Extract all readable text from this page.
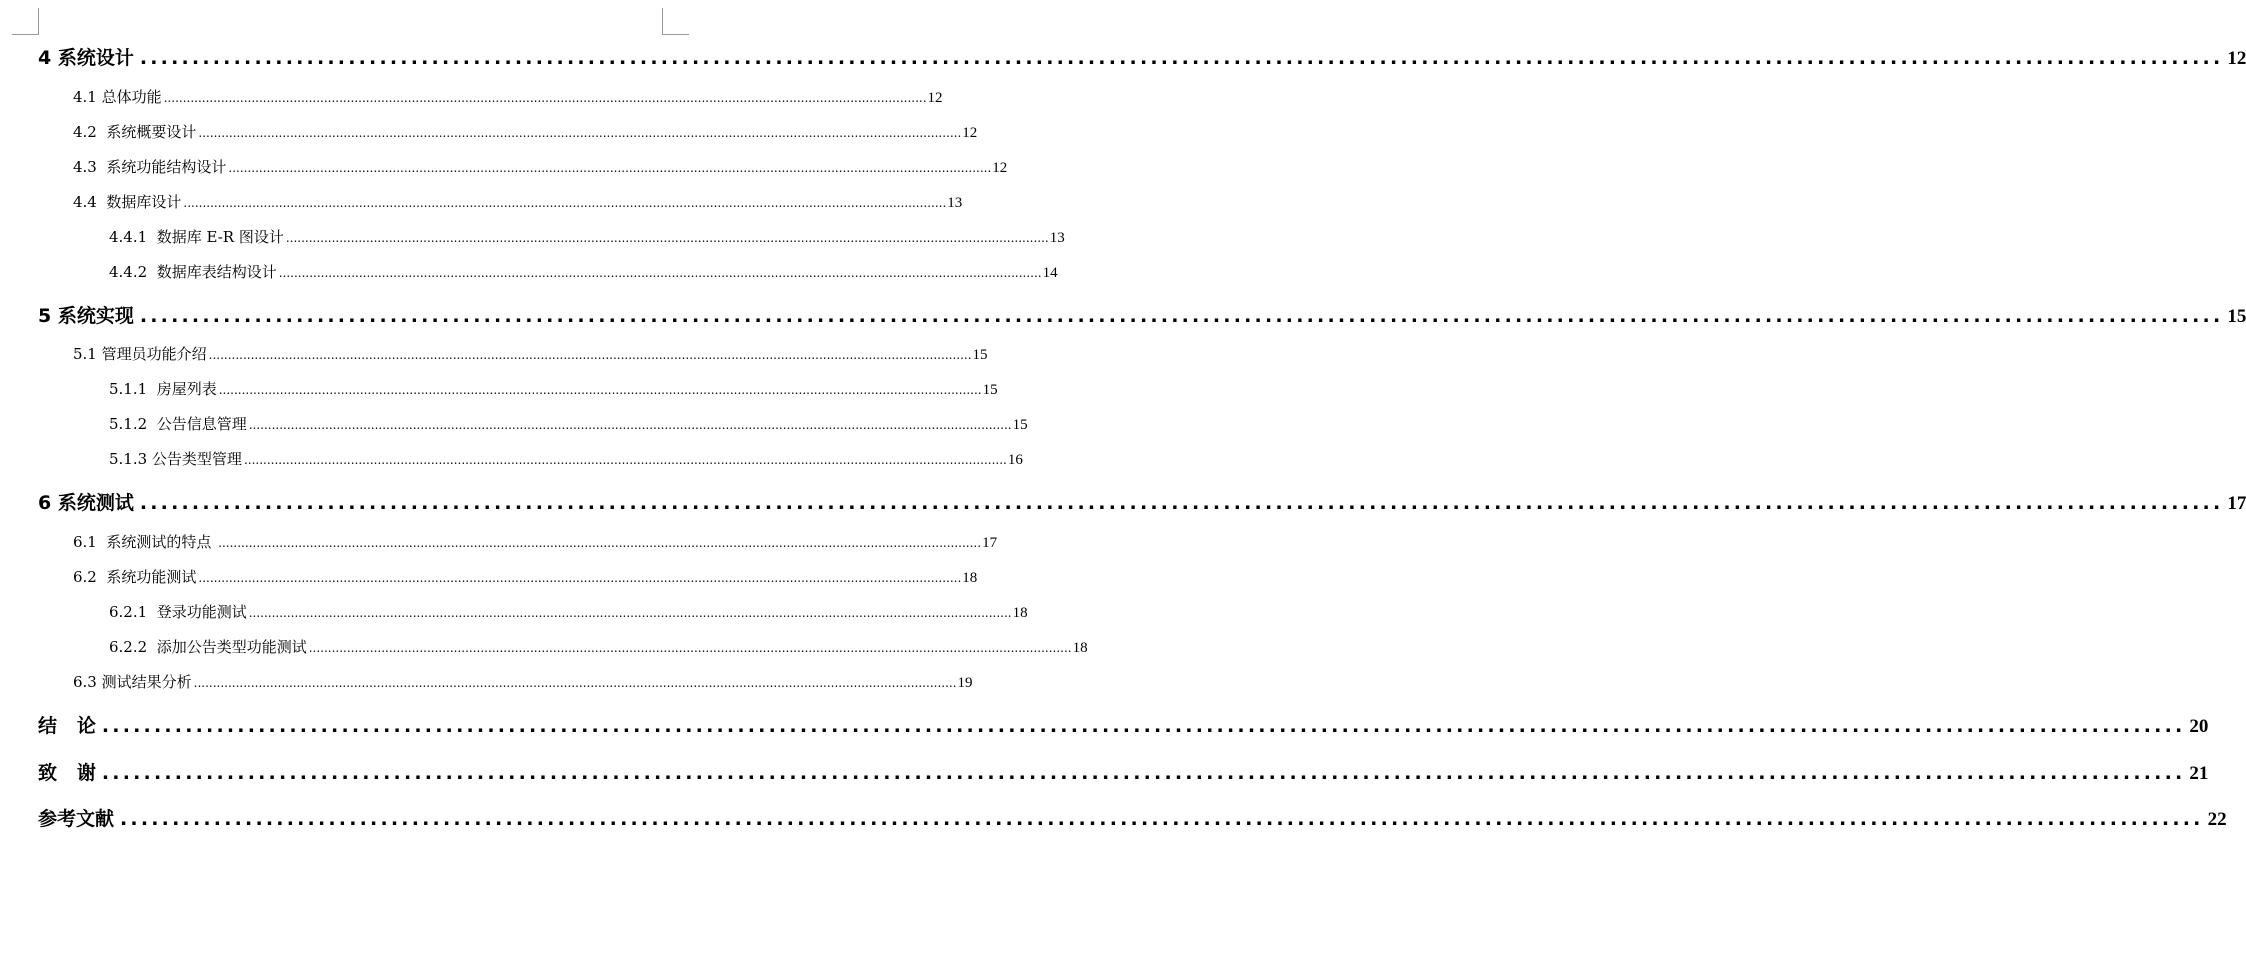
4 系统设计 ........................................................................................................................................................................................................ 12
4.1 总体功能 ........................................................................................................................................................................................................ 12
4.2  系统概要设计 ........................................................................................................................................................................................................ 12
4.3  系统功能结构设计 ........................................................................................................................................................................................................ 12
4.4  数据库设计 ........................................................................................................................................................................................................ 13
4.4.1  数据库 E-R 图设计 ........................................................................................................................................................................................................ 13
4.4.2  数据库表结构设计 ........................................................................................................................................................................................................ 14
5 系统实现 ........................................................................................................................................................................................................ 15
5.1 管理员功能介绍 ........................................................................................................................................................................................................ 15
5.1.1  房屋列表 ........................................................................................................................................................................................................ 15
5.1.2  公告信息管理 ........................................................................................................................................................................................................ 15
5.1.3 公告类型管理 ........................................................................................................................................................................................................ 16
6 系统测试 ........................................................................................................................................................................................................ 17
6.1  系统测试的特点 ........................................................................................................................................................................................................ 17
6.2  系统功能测试 ........................................................................................................................................................................................................ 18
6.2.1  登录功能测试 ........................................................................................................................................................................................................ 18
6.2.2  添加公告类型功能测试 ........................................................................................................................................................................................................ 18
6.3 测试结果分析 ........................................................................................................................................................................................................ 19
结   论 ........................................................................................................................................................................................................ 20
致   谢 ........................................................................................................................................................................................................ 21
参考文献 ........................................................................................................................................................................................................ 22
